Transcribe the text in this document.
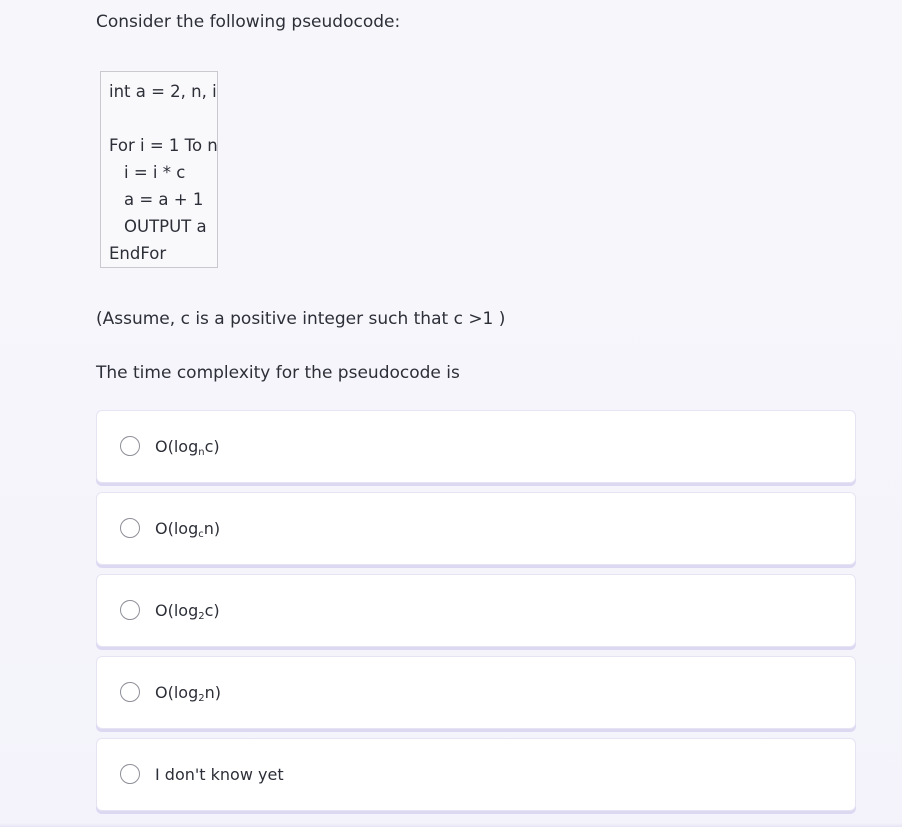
Consider the following pseudocode:
int a = 2, n, i
For i = 1 To n
i = i * c
a = a + 1
OUTPUT a
EndFor
(Assume, c is a positive integer such that c >1 )
The time complexity for the pseudocode is
$O(\log_nc)$
$O(\log_cn)$
$O(\log_2c)$
$O(\log_2n)$
I don't know yet
